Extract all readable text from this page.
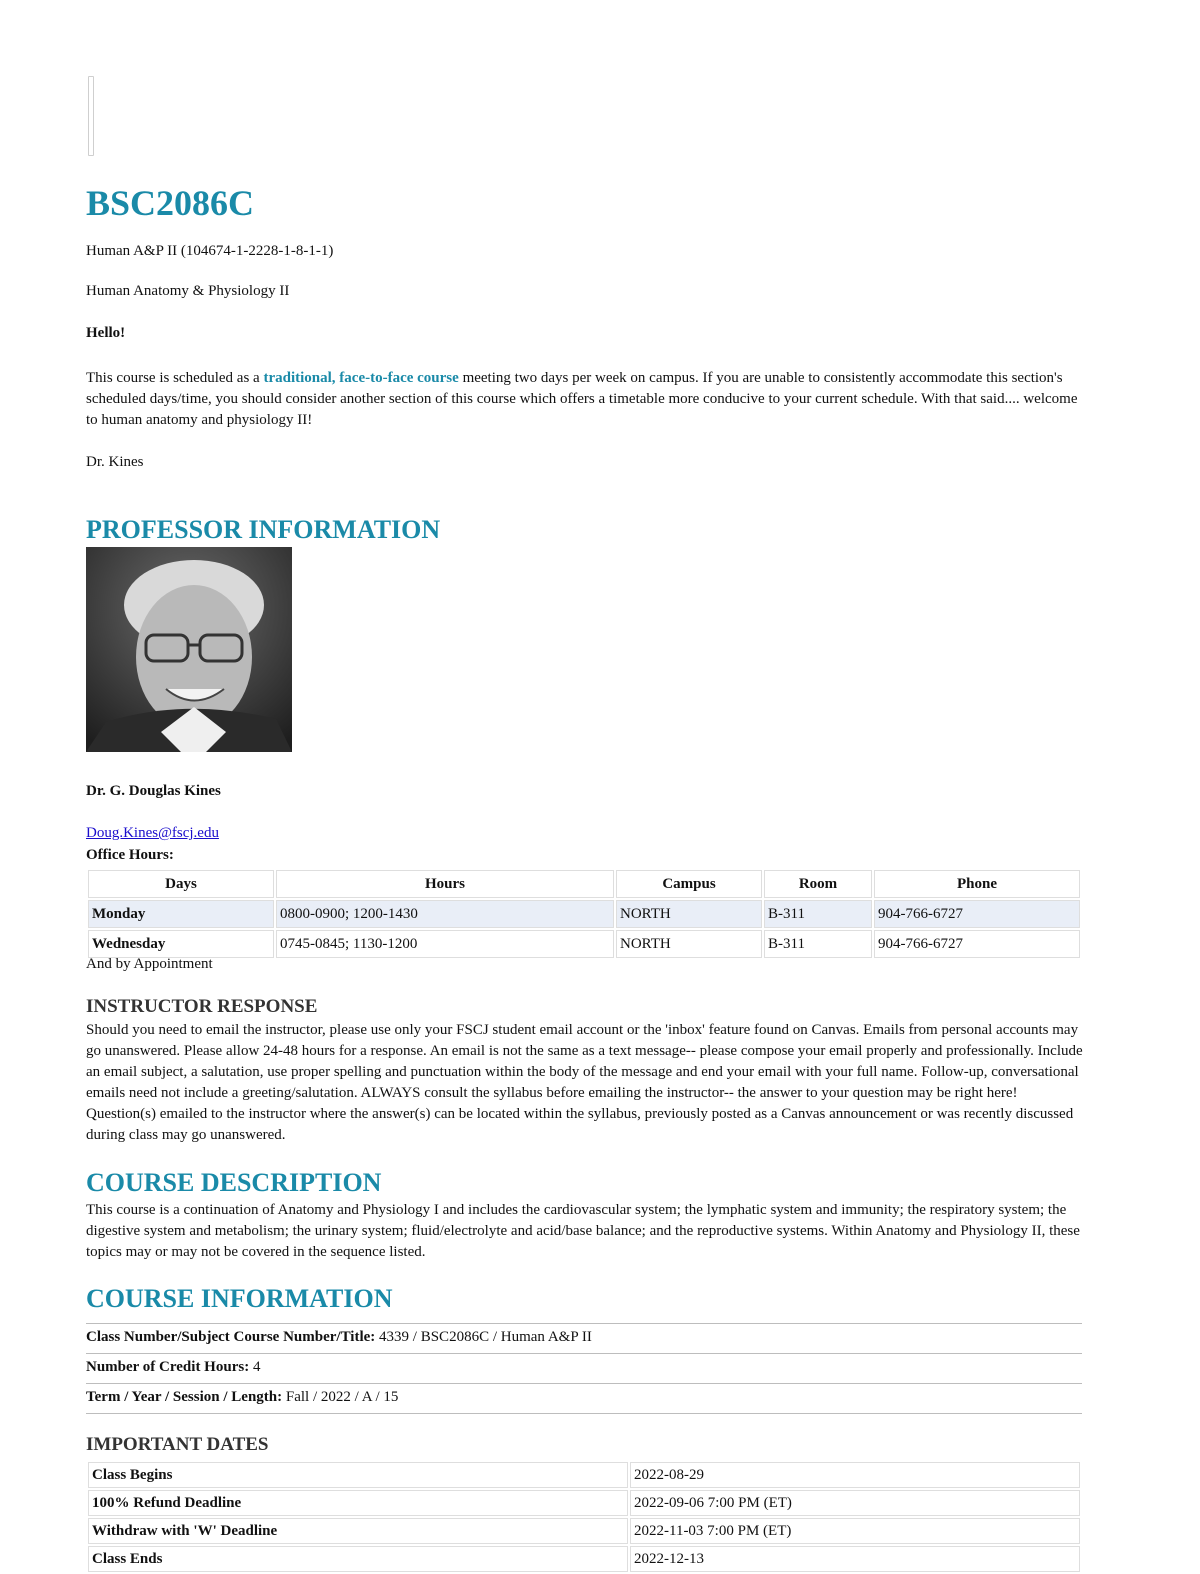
BSC2086C

Human A&P II (104674-1-2228-1-8-1-1)

Human Anatomy & Physiology II

Hello!

This course is scheduled as a traditional, face-to-face course meeting two days per week on campus. If you are unable to consistently accommodate this section's scheduled days/time, you should consider another section of this course which offers a timetable more conducive to your current schedule. With that said.... welcome to human anatomy and physiology II!

Dr. Kines

PROFESSOR INFORMATION

Dr. G. Douglas Kines

Doug.Kines@fscj.edu

Office Hours:

Days	Hours	Campus	Room	Phone
Monday	0800-0900; 1200-1430	NORTH	B-311	904-766-6727
Wednesday	0745-0845; 1130-1200	NORTH	B-311	904-766-6727

And by Appointment

INSTRUCTOR RESPONSE

Should you need to email the instructor, please use only your FSCJ student email account or the 'inbox' feature found on Canvas. Emails from personal accounts may go unanswered. Please allow 24-48 hours for a response. An email is not the same as a text message-- please compose your email properly and professionally. Include an email subject, a salutation, use proper spelling and punctuation within the body of the message and end your email with your full name. Follow-up, conversational emails need not include a greeting/salutation. ALWAYS consult the syllabus before emailing the instructor-- the answer to your question may be right here! Question(s) emailed to the instructor where the answer(s) can be located within the syllabus, previously posted as a Canvas announcement or was recently discussed during class may go unanswered.

COURSE DESCRIPTION

This course is a continuation of Anatomy and Physiology I and includes the cardiovascular system; the lymphatic system and immunity; the respiratory system; the digestive system and metabolism; the urinary system; fluid/electrolyte and acid/base balance; and the reproductive systems. Within Anatomy and Physiology II, these topics may or may not be covered in the sequence listed.

COURSE INFORMATION
Class Number/Subject Course Number/Title: 4339 / BSC2086C / Human A&P II
Number of Credit Hours: 4
Term / Year / Session / Length: Fall / 2022 / A / 15
IMPORTANT DATES
Class Begins	2022-08-29
100% Refund Deadline	2022-09-06 7:00 PM (ET)
Withdraw with 'W' Deadline	2022-11-03 7:00 PM (ET)
Class Ends	2022-12-13
